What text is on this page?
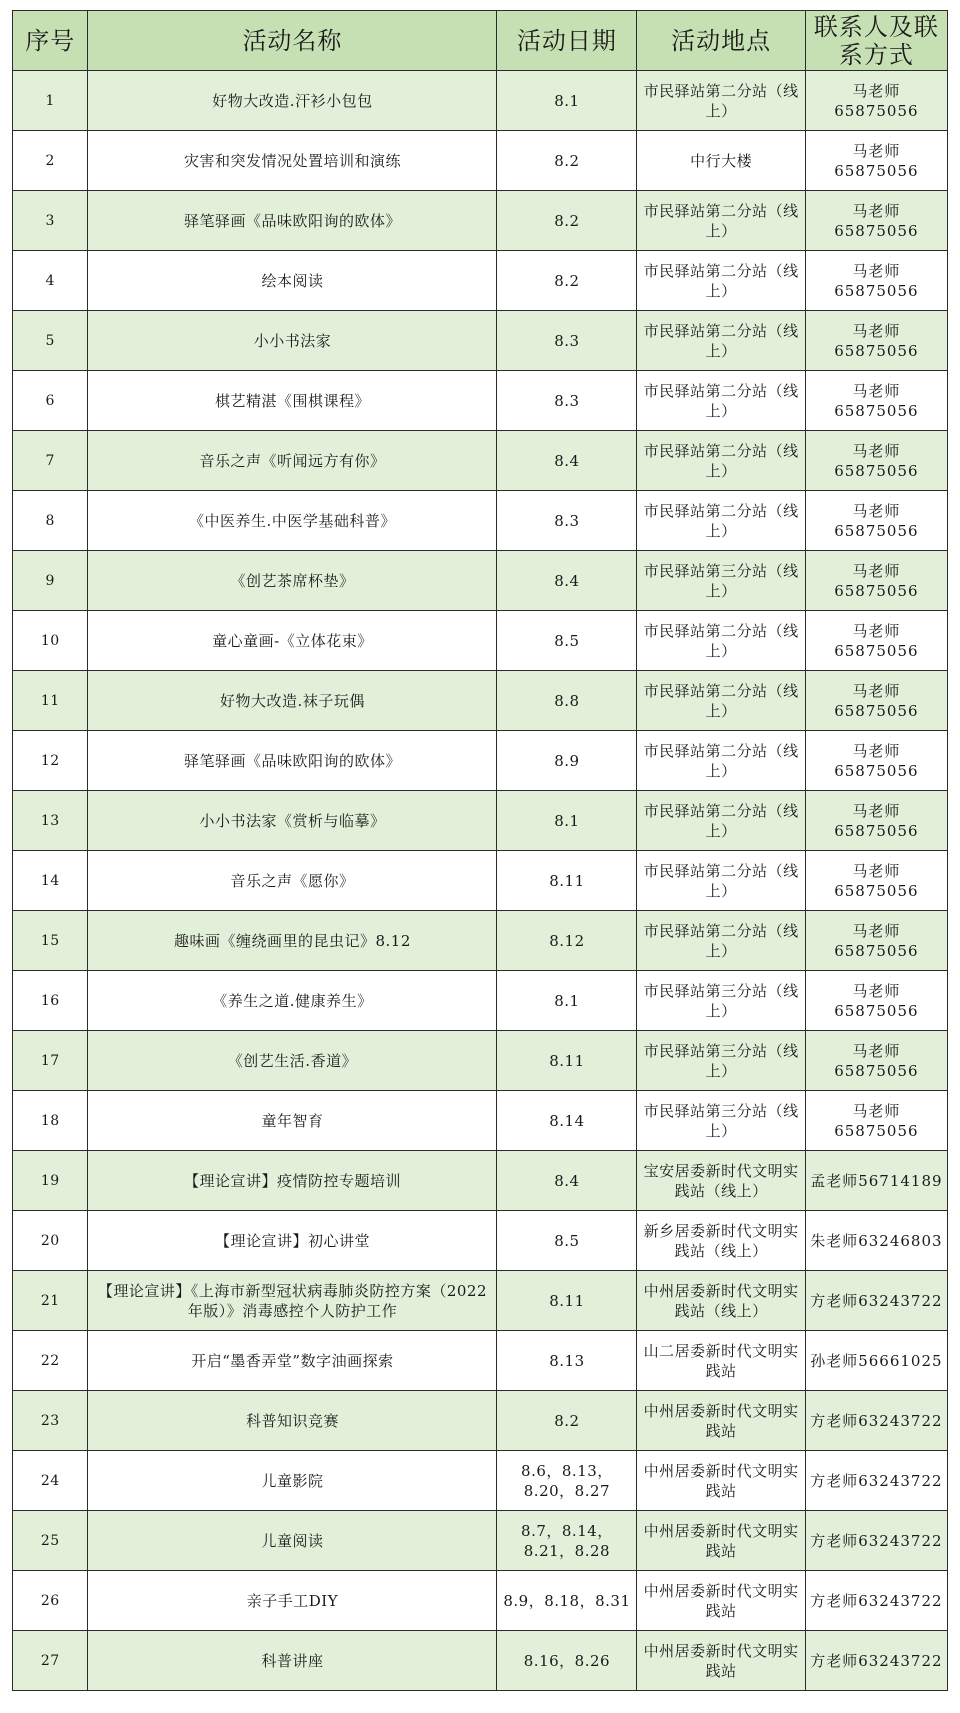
序号	活动名称	活动日期	活动地点	联系人及联系方式
1	好物大改造.汗衫小包包	8.1	市民驿站第二分站（线上）	马老师 65875056
2	灾害和突发情况处置培训和演练	8.2	中行大楼	马老师 65875056
3	驿笔驿画《品味欧阳询的欧体》	8.2	市民驿站第二分站（线上）	马老师 65875056
4	绘本阅读	8.2	市民驿站第二分站（线上）	马老师 65875056
5	小小书法家	8.3	市民驿站第二分站（线上）	马老师 65875056
6	棋艺精湛《围棋课程》	8.3	市民驿站第二分站（线上）	马老师 65875056
7	音乐之声《听闻远方有你》	8.4	市民驿站第二分站（线上）	马老师 65875056
8	《中医养生.中医学基础科普》	8.3	市民驿站第二分站（线上）	马老师 65875056
9	《创艺茶席杯垫》	8.4	市民驿站第三分站（线上）	马老师 65875056
10	童心童画-《立体花束》	8.5	市民驿站第二分站（线上）	马老师 65875056
11	好物大改造.袜子玩偶	8.8	市民驿站第二分站（线上）	马老师 65875056
12	驿笔驿画《品味欧阳询的欧体》	8.9	市民驿站第二分站（线上）	马老师 65875056
13	小小书法家《赏析与临摹》	8.1	市民驿站第二分站（线上）	马老师 65875056
14	音乐之声《愿你》	8.11	市民驿站第二分站（线上）	马老师 65875056
15	趣味画《缠绕画里的昆虫记》8.12	8.12	市民驿站第二分站（线上）	马老师 65875056
16	《养生之道.健康养生》	8.1	市民驿站第三分站（线上）	马老师 65875056
17	《创艺生活.香道》	8.11	市民驿站第三分站（线上）	马老师 65875056
18	童年智育	8.14	市民驿站第三分站（线上）	马老师 65875056
19	【理论宣讲】疫情防控专题培训	8.4	宝安居委新时代文明实践站（线上）	孟老师56714189
20	【理论宣讲】初心讲堂	8.5	新乡居委新时代文明实践站（线上）	朱老师63246803
21	【理论宣讲】《上海市新型冠状病毒肺炎防控方案（2022年版）》消毒感控个人防护工作	8.11	中州居委新时代文明实践站（线上）	方老师63243722
22	开启“墨香弄堂”数字油画探索	8.13	山二居委新时代文明实践站	孙老师56661025
23	科普知识竞赛	8.2	中州居委新时代文明实践站	方老师63243722
24	儿童影院	8.6，8.13，8.20，8.27	中州居委新时代文明实践站	方老师63243722
25	儿童阅读	8.7，8.14，8.21，8.28	中州居委新时代文明实践站	方老师63243722
26	亲子手工DIY	8.9，8.18，8.31	中州居委新时代文明实践站	方老师63243722
27	科普讲座	8.16，8.26	中州居委新时代文明实践站	方老师63243722
